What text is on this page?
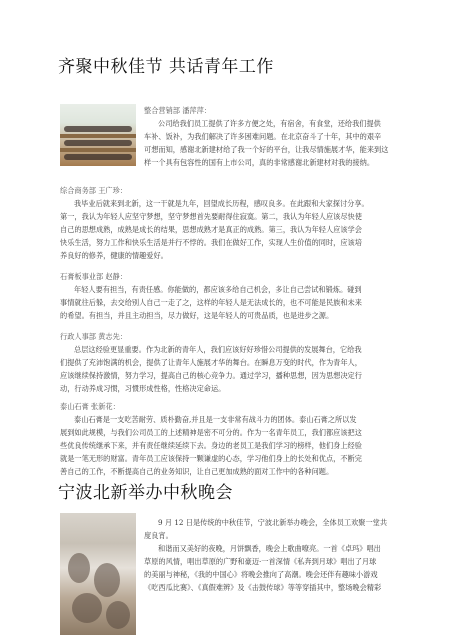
齐聚中秋佳节 共话青年工作

整合营销部 潘萍萍：

公司给我们员工提供了许多方便之处，有宿舍，有食堂，还给我们提供

车补、饭补，为我们解决了许多困难问题。在北京奋斗了十年，其中的艰辛

可想而知，感谢北新建材给了我一个好的平台，让我尽情施展才华，能来到这

样一个具有包容性的国有上市公司，真的非常感谢北新建材对我的接纳。

综合商务部 王广珍：

我毕业后就来到北新，这一干就是九年，回望成长历程，感叹良多。在此跟和大家探讨分享。

第一，我认为年轻人应坚守梦想，坚守梦想首先要耐得住寂寞。第二，我认为年轻人应该尽快使

自己的思想成熟，成熟是成长的结果，思想成熟才是真正的成熟。第三，我认为年轻人应该学会

快乐生活，努力工作和快乐生活是并行不悖的。我们在做好工作，实现人生价值的同时，应该培

养良好的修养，健康的情趣爱好。

石膏板事业部 赵静：

年轻人要有担当，有责任感。你能做的，都应该多给自己机会，多让自己尝试和锻炼。碰到

事情就往后躲，去交给别人自己一走了之，这样的年轻人是无法成长的，也不可能是民族和未来

的希望。有担当，并且主动担当，尽力做好，这是年轻人的可贵品质，也是进步之源。

行政人事部 黄志先：

总层这经验更显重要。作为北新的青年人，我们应该好好珍惜公司提供的发展舞台，它给我

们提供了充沛饱满的机会，提供了让青年人施展才华的舞台。在瞬息万变的时代，作为青年人，

应该继续保持激情，努力学习，提高自己的核心竞争力。通过学习，播种思想，因为思想决定行

动，行动养成习惯，习惯形成性格，性格决定命运。

泰山石膏 张新花：

泰山石膏是一支吃苦耐劳、质朴勤奋,并且是一支非常有战斗力的团体。泰山石膏之所以发

展到如此规模，与我们公司员工的上述精神是密不可分的。作为一名青年员工，我们都应该把这

些优良传统继承下来，并有责任继续延续下去。身边的老员工是我们学习的榜样，他们身上经验

就是一笔无形的财富。青年员工应该保持一颗谦虚的心态，学习他们身上的长处和优点，不断完

善自己的工作，不断提高自己的业务知识，让自己更加成熟的面对工作中的各种问题。

宁波北新举办中秋晚会

9 月 12 日是传统的中秋佳节，宁波北新举办晚会，全体员工欢聚一堂共

度良宵。

和谐而又美好的夜晚，月饼飘香，晚会上歌曲嘹亮。一首《卓玛》唱出

草原的风情，唱出草原的广野和豪迈·一首深情《私奔到月球》唱出了月球

的美丽与神秘，《我的中国心》将晚会推向了高潮。晚会还伴有趣味小游戏

《吃西瓜比赛》、《真假难辨》及《击鼓传球》等等穿插其中，整场晚会精彩
